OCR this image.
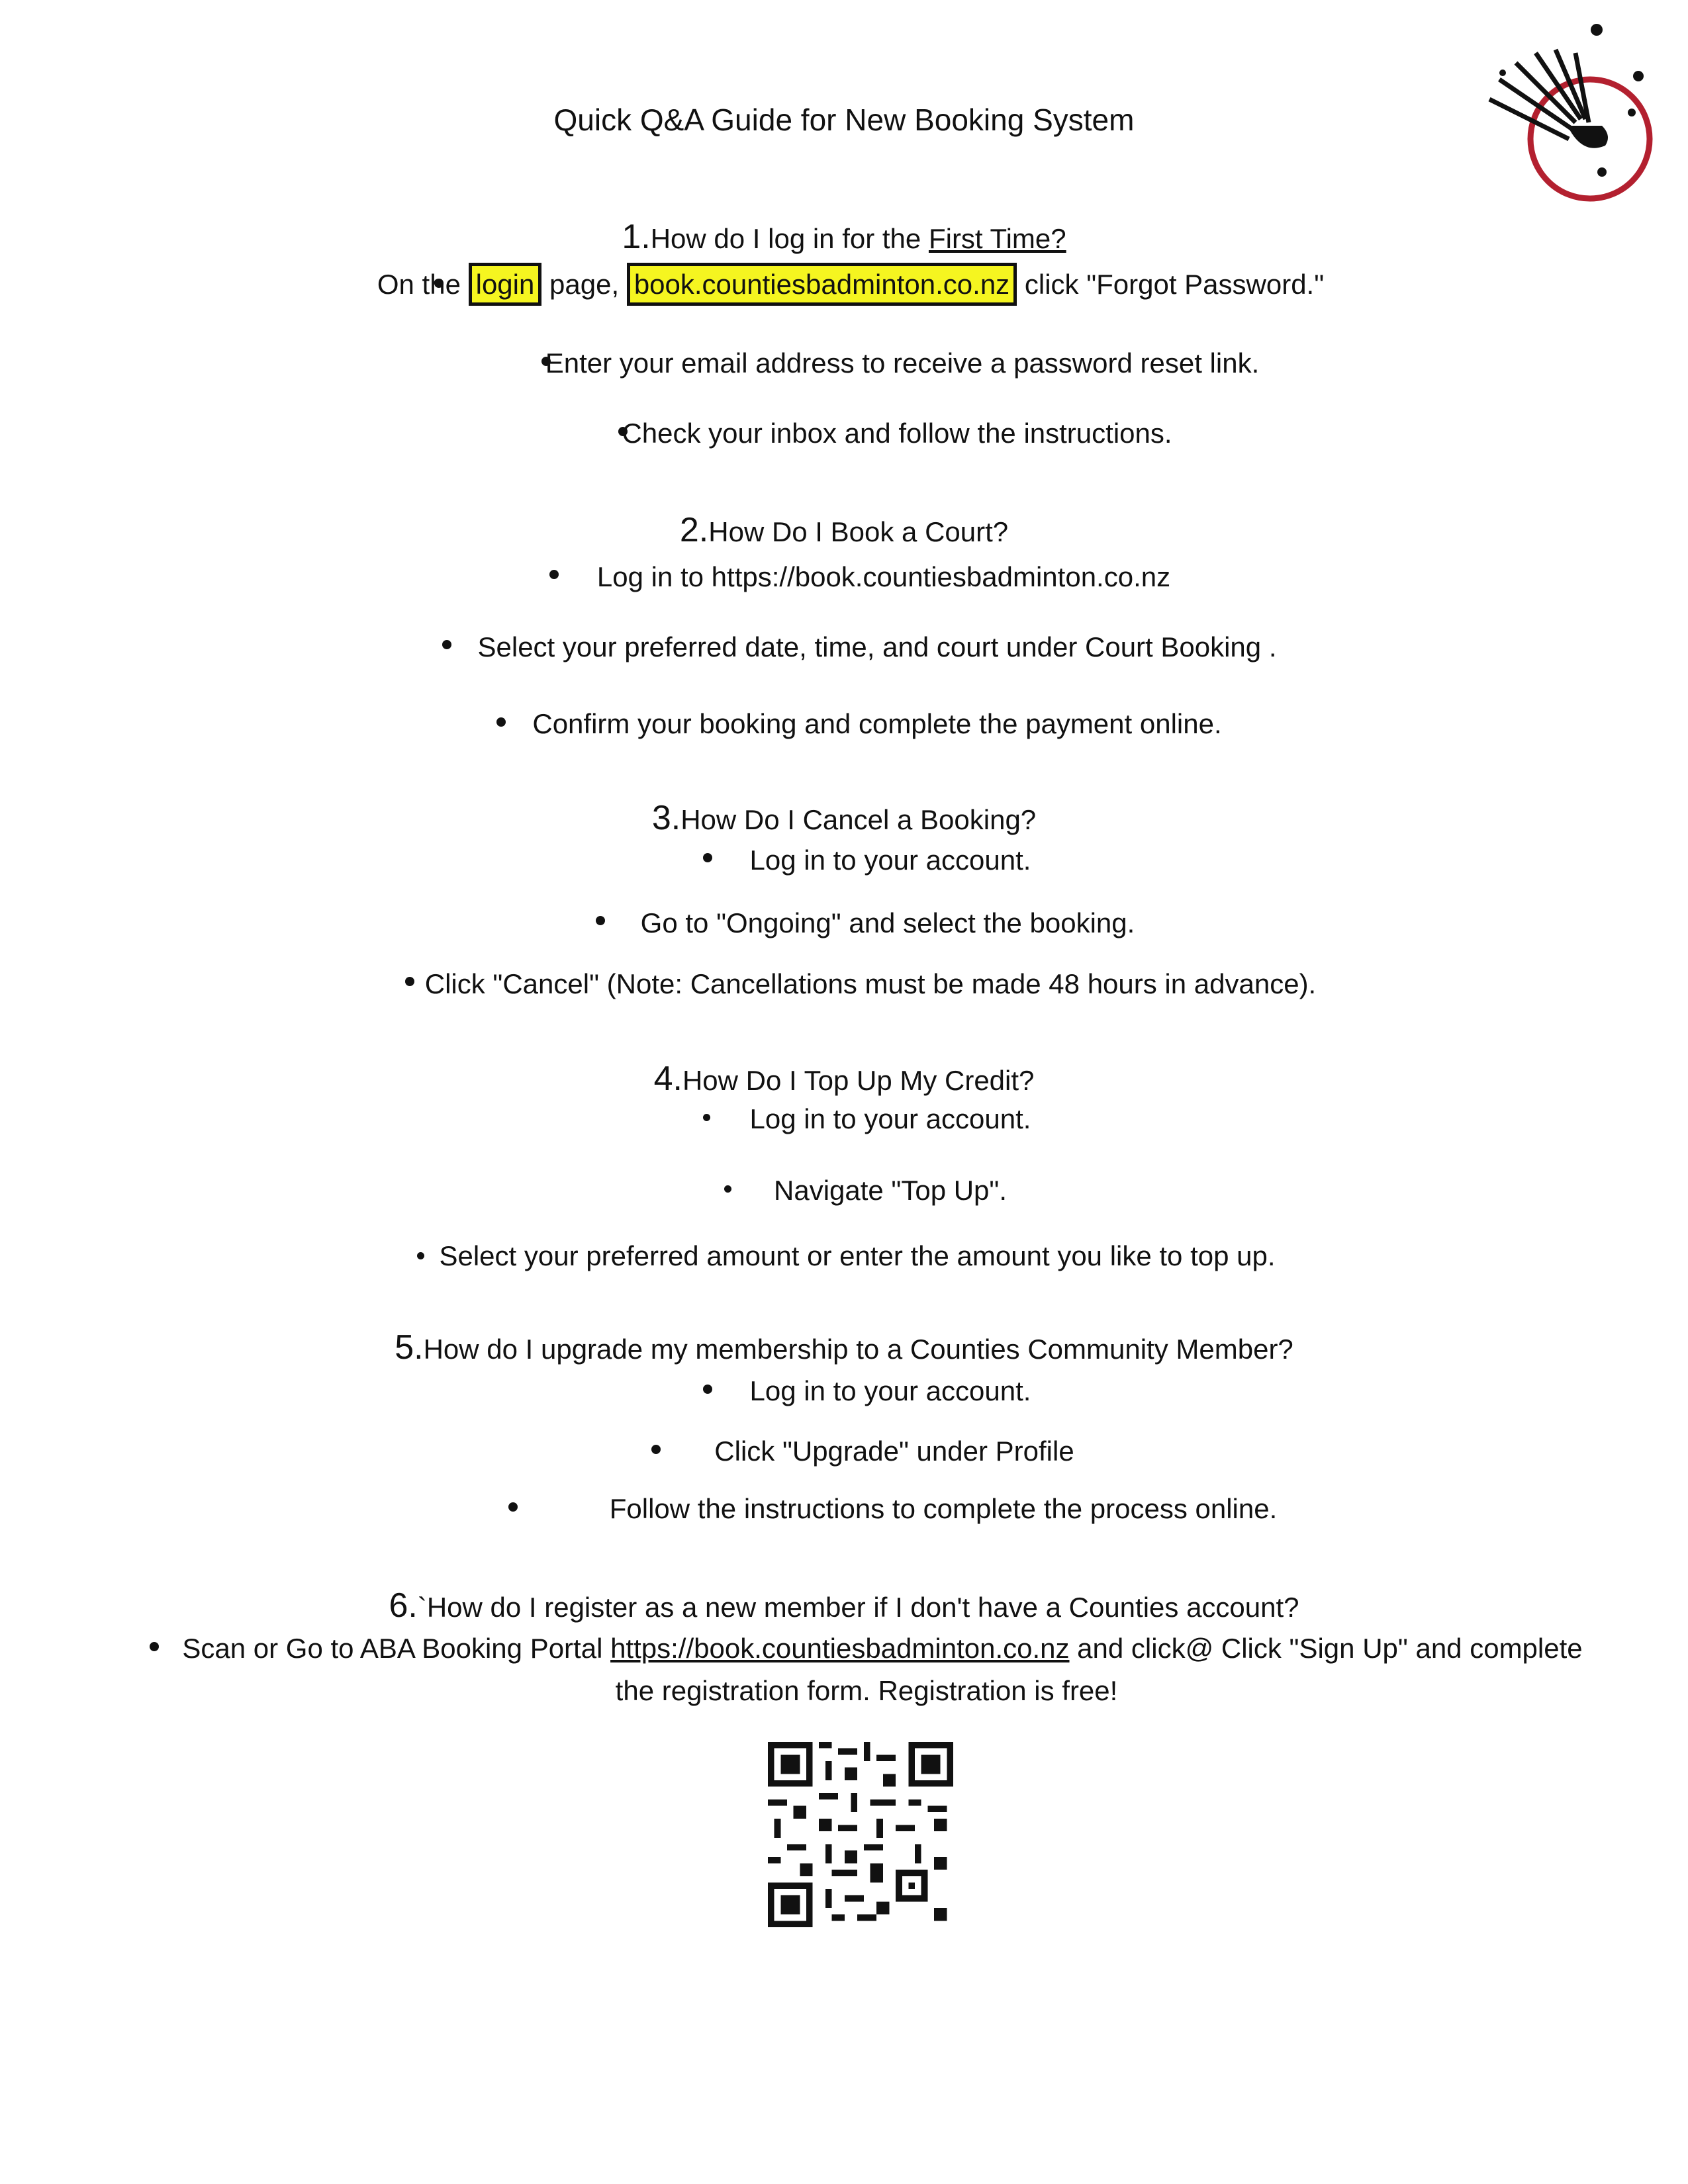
Quick Q&A Guide for New Booking System
1.How do I log in for the First Time?
On the login page, book.countiesbadminton.co.nz click "Forgot Password."
Enter your email address to receive a password reset link.
Check your inbox and follow the instructions.
2.How Do I Book a Court?
Log in to https://book.countiesbadminton.co.nz
Select your preferred date, time, and court under Court Booking .
Confirm your booking and complete the payment online.
3.How Do I Cancel a Booking?
Log in to your account.
Go to "Ongoing" and select the booking.
Click "Cancel" (Note: Cancellations must be made 48 hours in advance).
4.How Do I Top Up My Credit?
Log in to your account.
Navigate "Top Up".
Select your preferred amount or enter the amount you like to top up.
5.How do I upgrade my membership to a Counties Community Member?
Log in to your account.
Click "Upgrade" under Profile
Follow the instructions to complete the process online.
6.`How do I register as a new member if I don't have a Counties account?
Scan or Go to ABA Booking Portal https://book.countiesbadminton.co.nz and click@ Click "Sign Up" and complete
the registration form. Registration is free!
